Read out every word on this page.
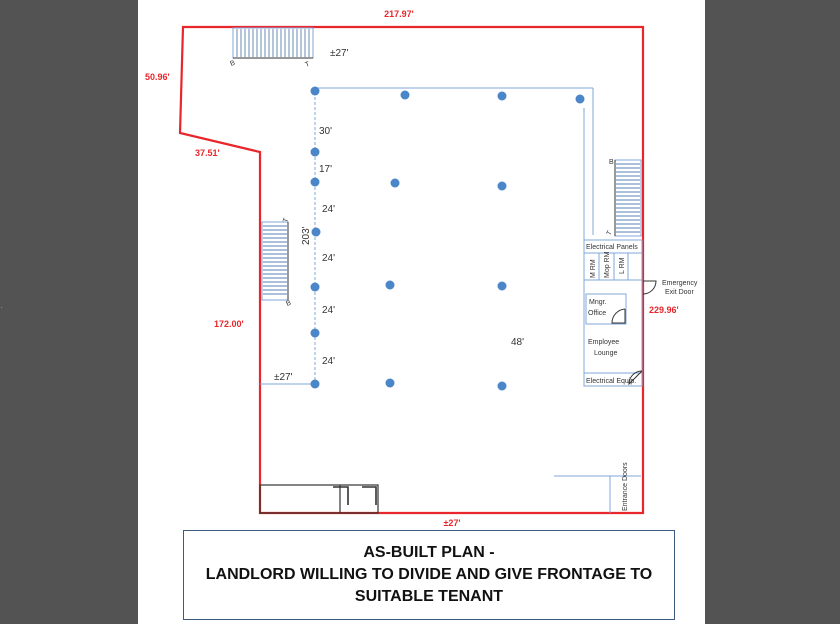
217.97'
50.96'
37.51'
172.00'
229.96'
±27'
±27'
±27'
30'
17'
24'
24'
24'
24'
203'
48'
B	T
T
B
B
T
Electrical Panels
M RM Mop RM L RM
Mngr.
Office
Employee
Lounge
Electrical Equip.
Emergency
Exit Door
Entrance Doors
AS-BUILT PLAN -
LANDLORD WILLING TO DIVIDE AND GIVE FRONTAGE TO
SUITABLE TENANT
·
